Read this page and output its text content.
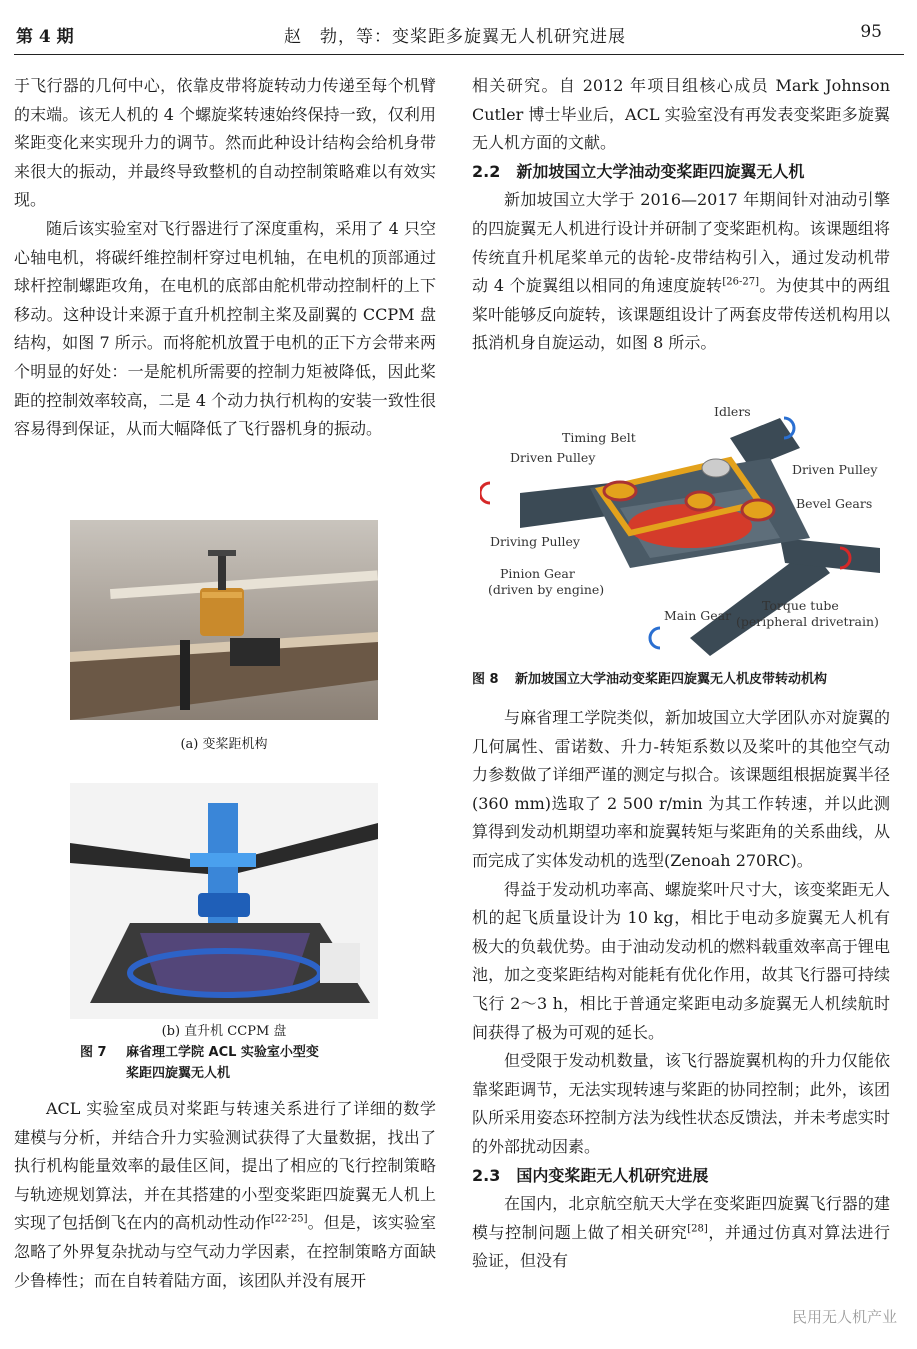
第 4 期	赵　勃，等：变桨距多旋翼无人机研究进展	95

于飞行器的几何中心，依靠皮带将旋转动力传递至每个机臂的末端。该无人机的 4 个螺旋桨转速始终保持一致，仅利用桨距变化来实现升力的调节。然而此种设计结构会给机身带来很大的振动，并最终导致整机的自动控制策略难以有效实现。

随后该实验室对飞行器进行了深度重构，采用了 4 只空心轴电机，将碳纤维控制杆穿过电机轴，在电机的顶部通过球杆控制螺距攻角，在电机的底部由舵机带动控制杆的上下移动。这种设计来源于直升机控制主桨及副翼的 CCPM 盘结构，如图 7 所示。而将舵机放置于电机的正下方会带来两个明显的好处：一是舵机所需要的控制力矩被降低，因此桨距的控制效率较高，二是 4 个动力执行机构的安装一致性很容易得到保证，从而大幅降低了飞行器机身的振动。

(a) 变桨距机构
(b) 直升机 CCPM 盘
图 7 麻省理工学院 ACL 实验室小型变
桨距四旋翼无人机

ACL 实验室成员对桨距与转速关系进行了详细的数学建模与分析，并结合升力实验测试获得了大量数据，找出了执行机构能量效率的最佳区间，提出了相应的飞行控制策略与轨迹规划算法，并在其搭建的小型变桨距四旋翼无人机上实现了包括倒飞在内的高机动性动作[22-25]。但是，该实验室忽略了外界复杂扰动与空气动力学因素，在控制策略方面缺少鲁棒性；而在自转着陆方面，该团队并没有展开

相关研究。自 2012 年项目组核心成员 Mark Johnson Cutler 博士毕业后，ACL 实验室没有再发表变桨距多旋翼无人机方面的文献。

2.2　新加坡国立大学油动变桨距四旋翼无人机

新加坡国立大学于 2016—2017 年期间针对油动引擎的四旋翼无人机进行设计并研制了变桨距机构。该课题组将传统直升机尾桨单元的齿轮-皮带结构引入，通过发动机带动 4 个旋翼组以相同的角速度旋转[26-27]。为使其中的两组桨叶能够反向旋转，该课题组设计了两套皮带传送机构用以抵消机身自旋运动，如图 8 所示。

Idlers
Timing Belt
Driven Pulley
Driven Pulley
Bevel Gears
Driving Pulley
Pinion Gear
(driven by engine)
Main Gear
Torque tube
(peripheral drivetrain)
图 8 新加坡国立大学油动变桨距四旋翼无人机皮带转动机构

与麻省理工学院类似，新加坡国立大学团队亦对旋翼的几何属性、雷诺数、升力-转矩系数以及桨叶的其他空气动力参数做了详细严谨的测定与拟合。该课题组根据旋翼半径(360 mm)选取了 2 500 r/min 为其工作转速，并以此测算得到发动机期望功率和旋翼转矩与桨距角的关系曲线，从而完成了实体发动机的选型(Zenoah 270RC)。

得益于发动机功率高、螺旋桨叶尺寸大，该变桨距无人机的起飞质量设计为 10 kg，相比于电动多旋翼无人机有极大的负载优势。由于油动发动机的燃料载重效率高于锂电池，加之变桨距结构对能耗有优化作用，故其飞行器可持续飞行 2～3 h，相比于普通定桨距电动多旋翼无人机续航时间获得了极为可观的延长。

但受限于发动机数量，该飞行器旋翼机构的升力仅能依靠桨距调节，无法实现转速与桨距的协同控制；此外，该团队所采用姿态环控制方法为线性状态反馈法，并未考虑实时的外部扰动因素。

2.3　国内变桨距无人机研究进展

在国内，北京航空航天大学在变桨距四旋翼飞行器的建模与控制问题上做了相关研究[28]，并通过仿真对算法进行验证，但没有

民用无人机产业
